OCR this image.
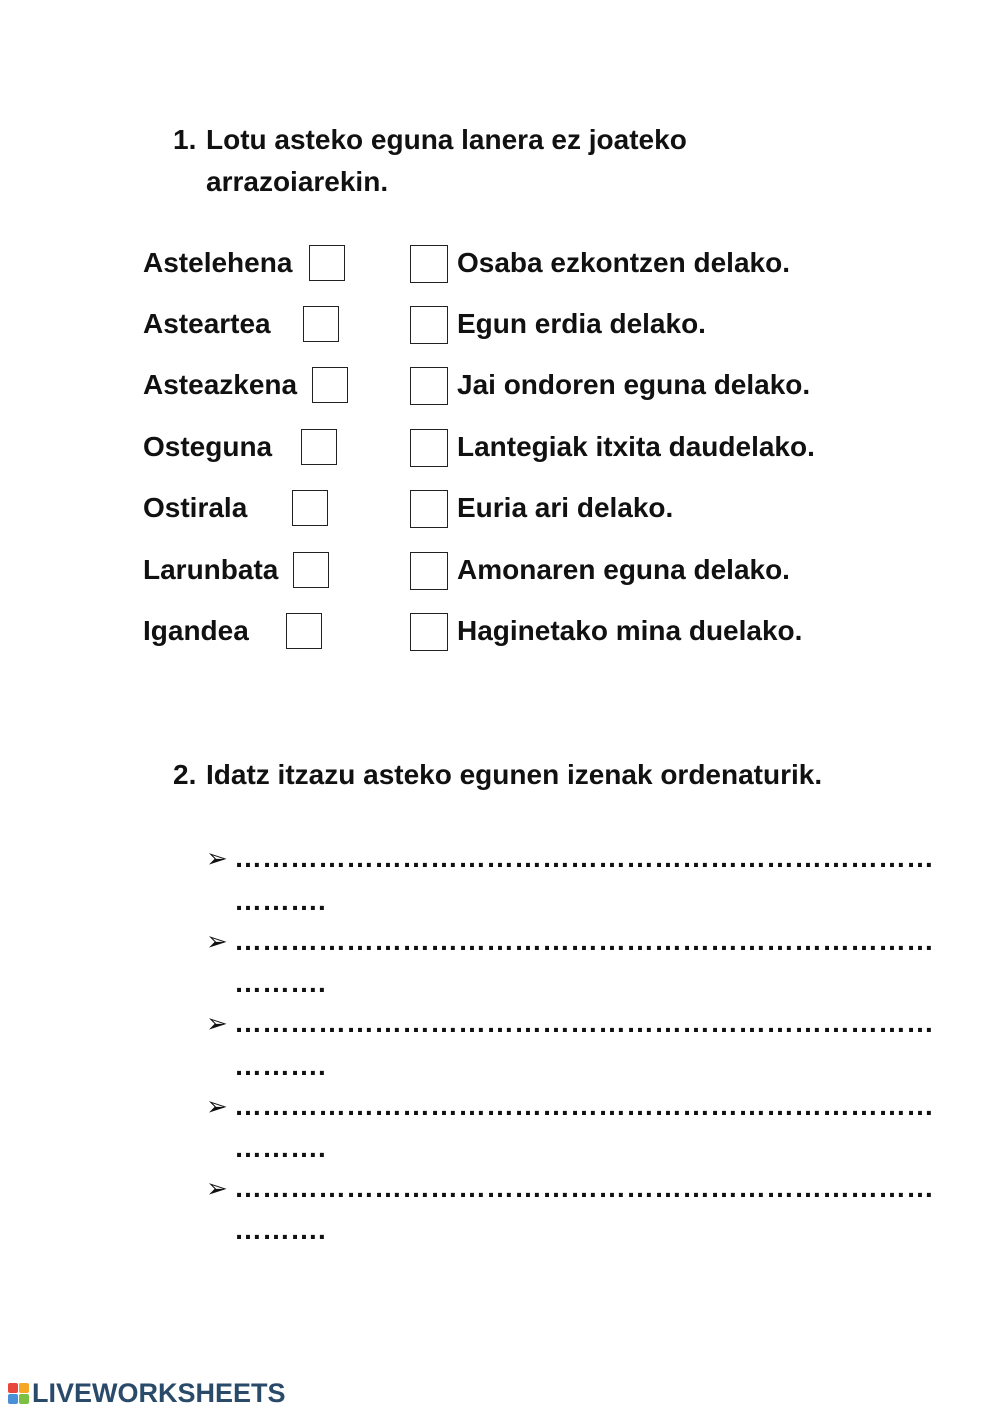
1. Lotu asteko eguna lanera ez joateko arrazoiarekin.
Astelehena	Osaba ezkontzen delako.
Asteartea	Egun erdia delako.
Asteazkena	Jai ondoren eguna delako.
Osteguna	Lantegiak itxita daudelako.
Ostirala	Euria ari delako.
Larunbata	Amonaren eguna delako.
Igandea	Haginetako mina duelako.
2. Idatz itzazu asteko egunen izenak ordenaturik.
➢ …………………………………………………………………
……….
➢ …………………………………………………………………
……….
➢ …………………………………………………………………
……….
➢ …………………………………………………………………
……….
➢ …………………………………………………………………
……….
LIVEWORKSHEETS
